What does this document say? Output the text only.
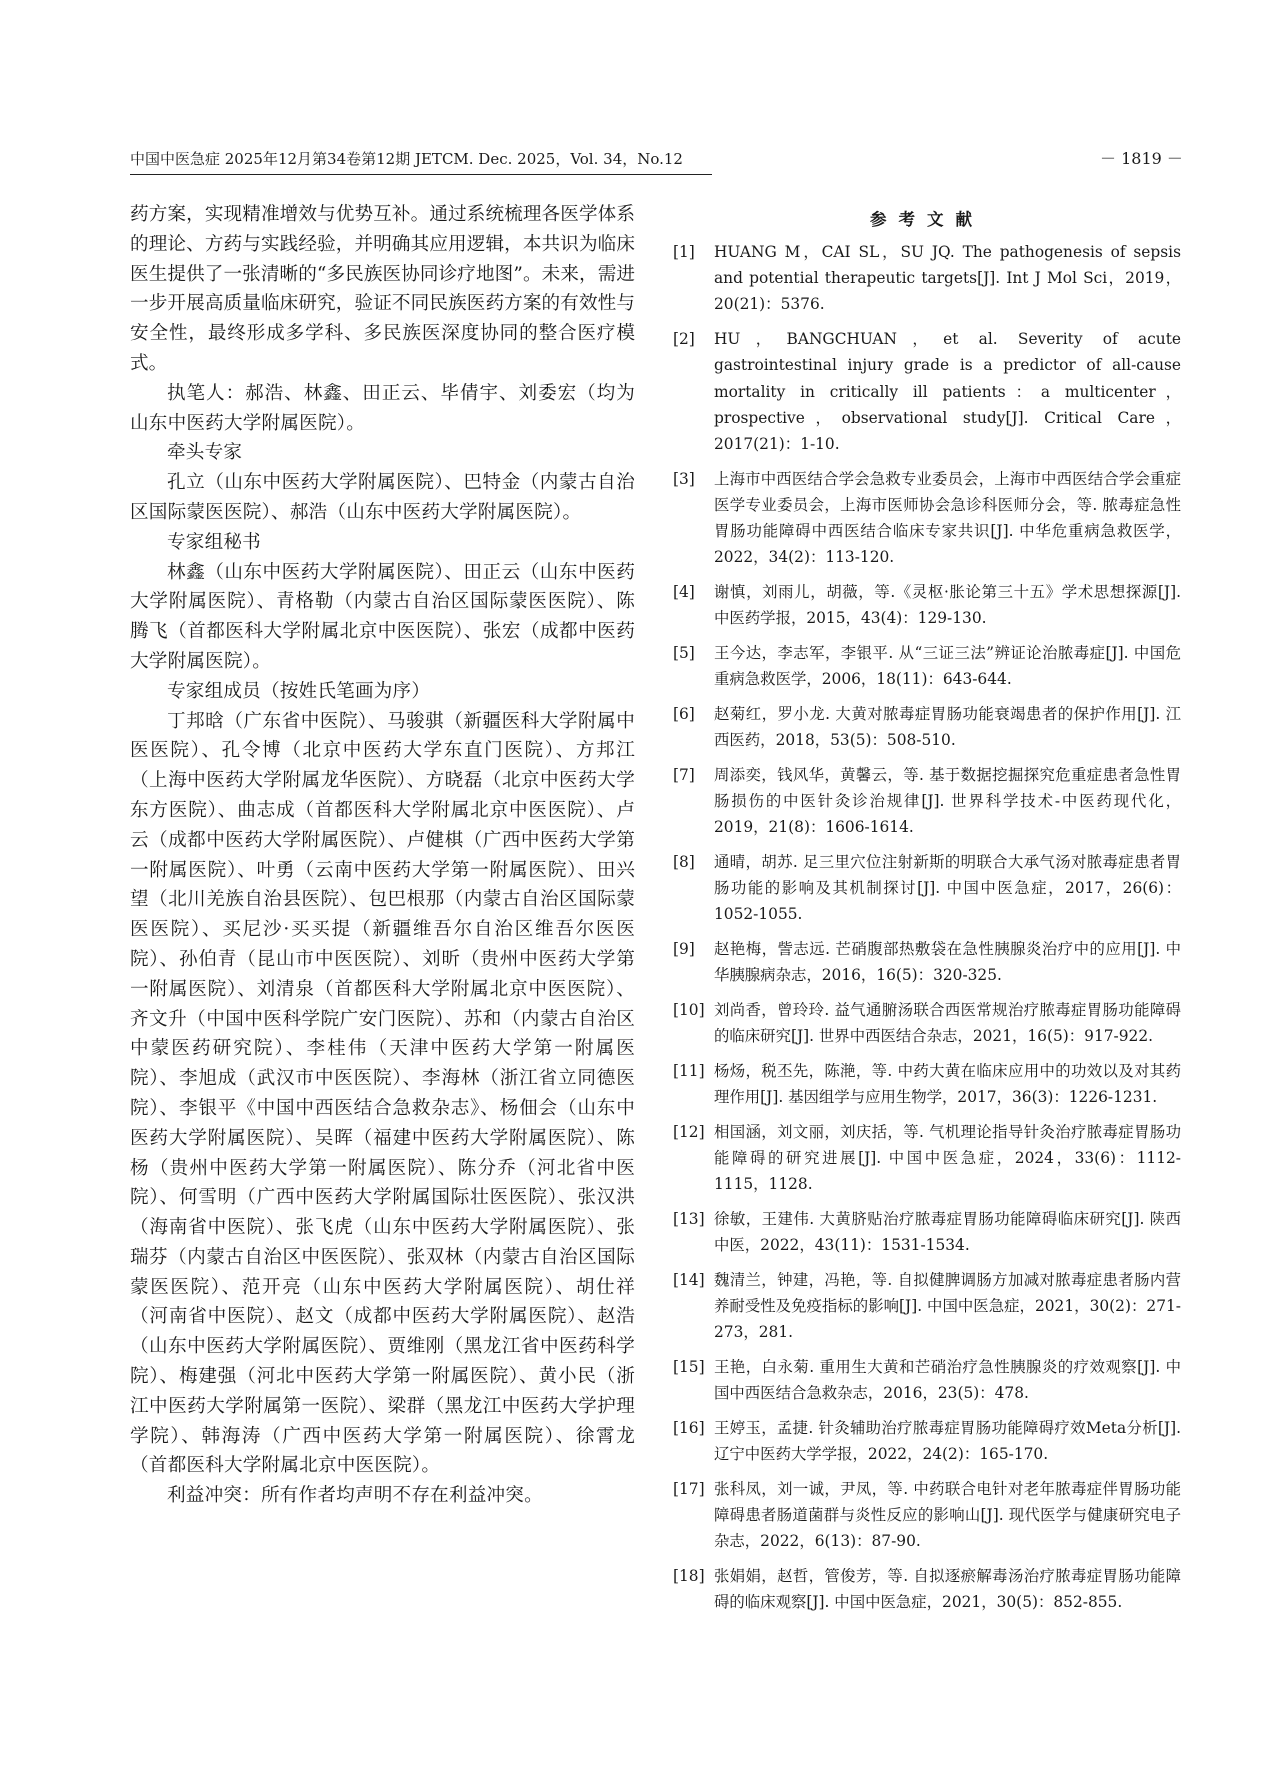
中国中医急症 2025年12月第34卷第12期 JETCM. Dec. 2025，Vol. 34，No.12	－ 1819 －

药方案，实现精准增效与优势互补。通过系统梳理各医学体系的理论、方药与实践经验，并明确其应用逻辑，本共识为临床医生提供了一张清晰的“多民族医协同诊疗地图”。未来，需进一步开展高质量临床研究，验证不同民族医药方案的有效性与安全性，最终形成多学科、多民族医深度协同的整合医疗模式。

执笔人：郝浩、林鑫、田正云、毕倩宇、刘委宏（均为山东中医药大学附属医院）。

牵头专家

孔立（山东中医药大学附属医院）、巴特金（内蒙古自治区国际蒙医医院）、郝浩（山东中医药大学附属医院）。

专家组秘书

林鑫（山东中医药大学附属医院）、田正云（山东中医药大学附属医院）、青格勒（内蒙古自治区国际蒙医医院）、陈腾飞（首都医科大学附属北京中医医院）、张宏（成都中医药大学附属医院）。

专家组成员（按姓氏笔画为序）

丁邦晗（广东省中医院）、马骏骐（新疆医科大学附属中医医院）、孔令博（北京中医药大学东直门医院）、方邦江（上海中医药大学附属龙华医院）、方晓磊（北京中医药大学东方医院）、曲志成（首都医科大学附属北京中医医院）、卢云（成都中医药大学附属医院）、卢健棋（广西中医药大学第一附属医院）、叶勇（云南中医药大学第一附属医院）、田兴望（北川羌族自治县医院）、包巴根那（内蒙古自治区国际蒙医医院）、买尼沙·买买提（新疆维吾尔自治区维吾尔医医院）、孙伯青（昆山市中医医院）、刘昕（贵州中医药大学第一附属医院）、刘清泉（首都医科大学附属北京中医医院）、齐文升（中国中医科学院广安门医院）、苏和（内蒙古自治区中蒙医药研究院）、李桂伟（天津中医药大学第一附属医院）、李旭成（武汉市中医医院）、李海林（浙江省立同德医院）、李银平《中国中西医结合急救杂志》、杨佃会（山东中医药大学附属医院）、吴晖（福建中医药大学附属医院）、陈杨（贵州中医药大学第一附属医院）、陈分乔（河北省中医院）、何雪明（广西中医药大学附属国际壮医医院）、张汉洪（海南省中医院）、张飞虎（山东中医药大学附属医院）、张瑞芬（内蒙古自治区中医医院）、张双林（内蒙古自治区国际蒙医医院）、范开亮（山东中医药大学附属医院）、胡仕祥（河南省中医院）、赵文（成都中医药大学附属医院）、赵浩（山东中医药大学附属医院）、贾维刚（黑龙江省中医药科学院）、梅建强（河北中医药大学第一附属医院）、黄小民（浙江中医药大学附属第一医院）、梁群（黑龙江中医药大学护理学院）、韩海涛（广西中医药大学第一附属医院）、徐霄龙（首都医科大学附属北京中医医院）。

利益冲突：所有作者均声明不存在利益冲突。

参考文献
[1]	HUANG M，CAI SL，SU JQ. The pathogenesis of sepsis and potential therapeutic targets[J]. Int J Mol Sci，2019，20(21)：5376.
[2]	HU，BANGCHUAN，et al. Severity of acute gastrointestinal injury grade is a predictor of all-cause mortality in critically ill patients：a multicenter，prospective，observational study[J]. Critical Care，2017(21)：1-10.
[3]	上海市中西医结合学会急救专业委员会，上海市中西医结合学会重症医学专业委员会，上海市医师协会急诊科医师分会，等. 脓毒症急性胃肠功能障碍中西医结合临床专家共识[J]. 中华危重病急救医学，2022，34(2)：113-120.
[4]	谢慎，刘雨儿，胡薇，等.《灵枢·胀论第三十五》学术思想探源[J]. 中医药学报，2015，43(4)：129-130.
[5]	王今达，李志军，李银平. 从“三证三法”辨证论治脓毒症[J]. 中国危重病急救医学，2006，18(11)：643-644.
[6]	赵菊红，罗小龙. 大黄对脓毒症胃肠功能衰竭患者的保护作用[J]. 江西医药，2018，53(5)：508-510.
[7]	周添奕，钱风华，黄馨云，等. 基于数据挖掘探究危重症患者急性胃肠损伤的中医针灸诊治规律[J]. 世界科学技术-中医药现代化，2019，21(8)：1606-1614.
[8]	通晴，胡苏. 足三里穴位注射新斯的明联合大承气汤对脓毒症患者胃肠功能的影响及其机制探讨[J]. 中国中医急症，2017，26(6)：1052-1055.
[9]	赵艳梅，訾志远. 芒硝腹部热敷袋在急性胰腺炎治疗中的应用[J]. 中华胰腺病杂志，2016，16(5)：320-325.
[10] 刘尚香，曾玲玲. 益气通腑汤联合西医常规治疗脓毒症胃肠功能障碍的临床研究[J]. 世界中西医结合杂志，2021，16(5)：917-922.
[11] 杨炀，税丕先，陈滟，等. 中药大黄在临床应用中的功效以及对其药理作用[J]. 基因组学与应用生物学，2017，36(3)：1226-1231.
[12] 相国涵，刘文丽，刘庆括，等. 气机理论指导针灸治疗脓毒症胃肠功能障碍的研究进展[J]. 中国中医急症，2024，33(6)：1112-1115，1128.
[13] 徐敏，王建伟. 大黄脐贴治疗脓毒症胃肠功能障碍临床研究[J]. 陕西中医，2022，43(11)：1531-1534.
[14] 魏清兰，钟建，冯艳，等. 自拟健脾调肠方加减对脓毒症患者肠内营养耐受性及免疫指标的影响[J]. 中国中医急症，2021，30(2)：271-273，281.
[15] 王艳，白永菊. 重用生大黄和芒硝治疗急性胰腺炎的疗效观察[J]. 中国中西医结合急救杂志，2016，23(5)：478.
[16] 王婷玉，孟捷. 针灸辅助治疗脓毒症胃肠功能障碍疗效Meta分析[J]. 辽宁中医药大学学报，2022，24(2)：165-170.
[17] 张科凤，刘一诚，尹凤，等. 中药联合电针对老年脓毒症伴胃肠功能障碍患者肠道菌群与炎性反应的影响山[J]. 现代医学与健康研究电子杂志，2022，6(13)：87-90.
[18] 张娟娟，赵哲，管俊芳，等. 自拟逐瘀解毒汤治疗脓毒症胃肠功能障碍的临床观察[J]. 中国中医急症，2021，30(5)：852-855.
